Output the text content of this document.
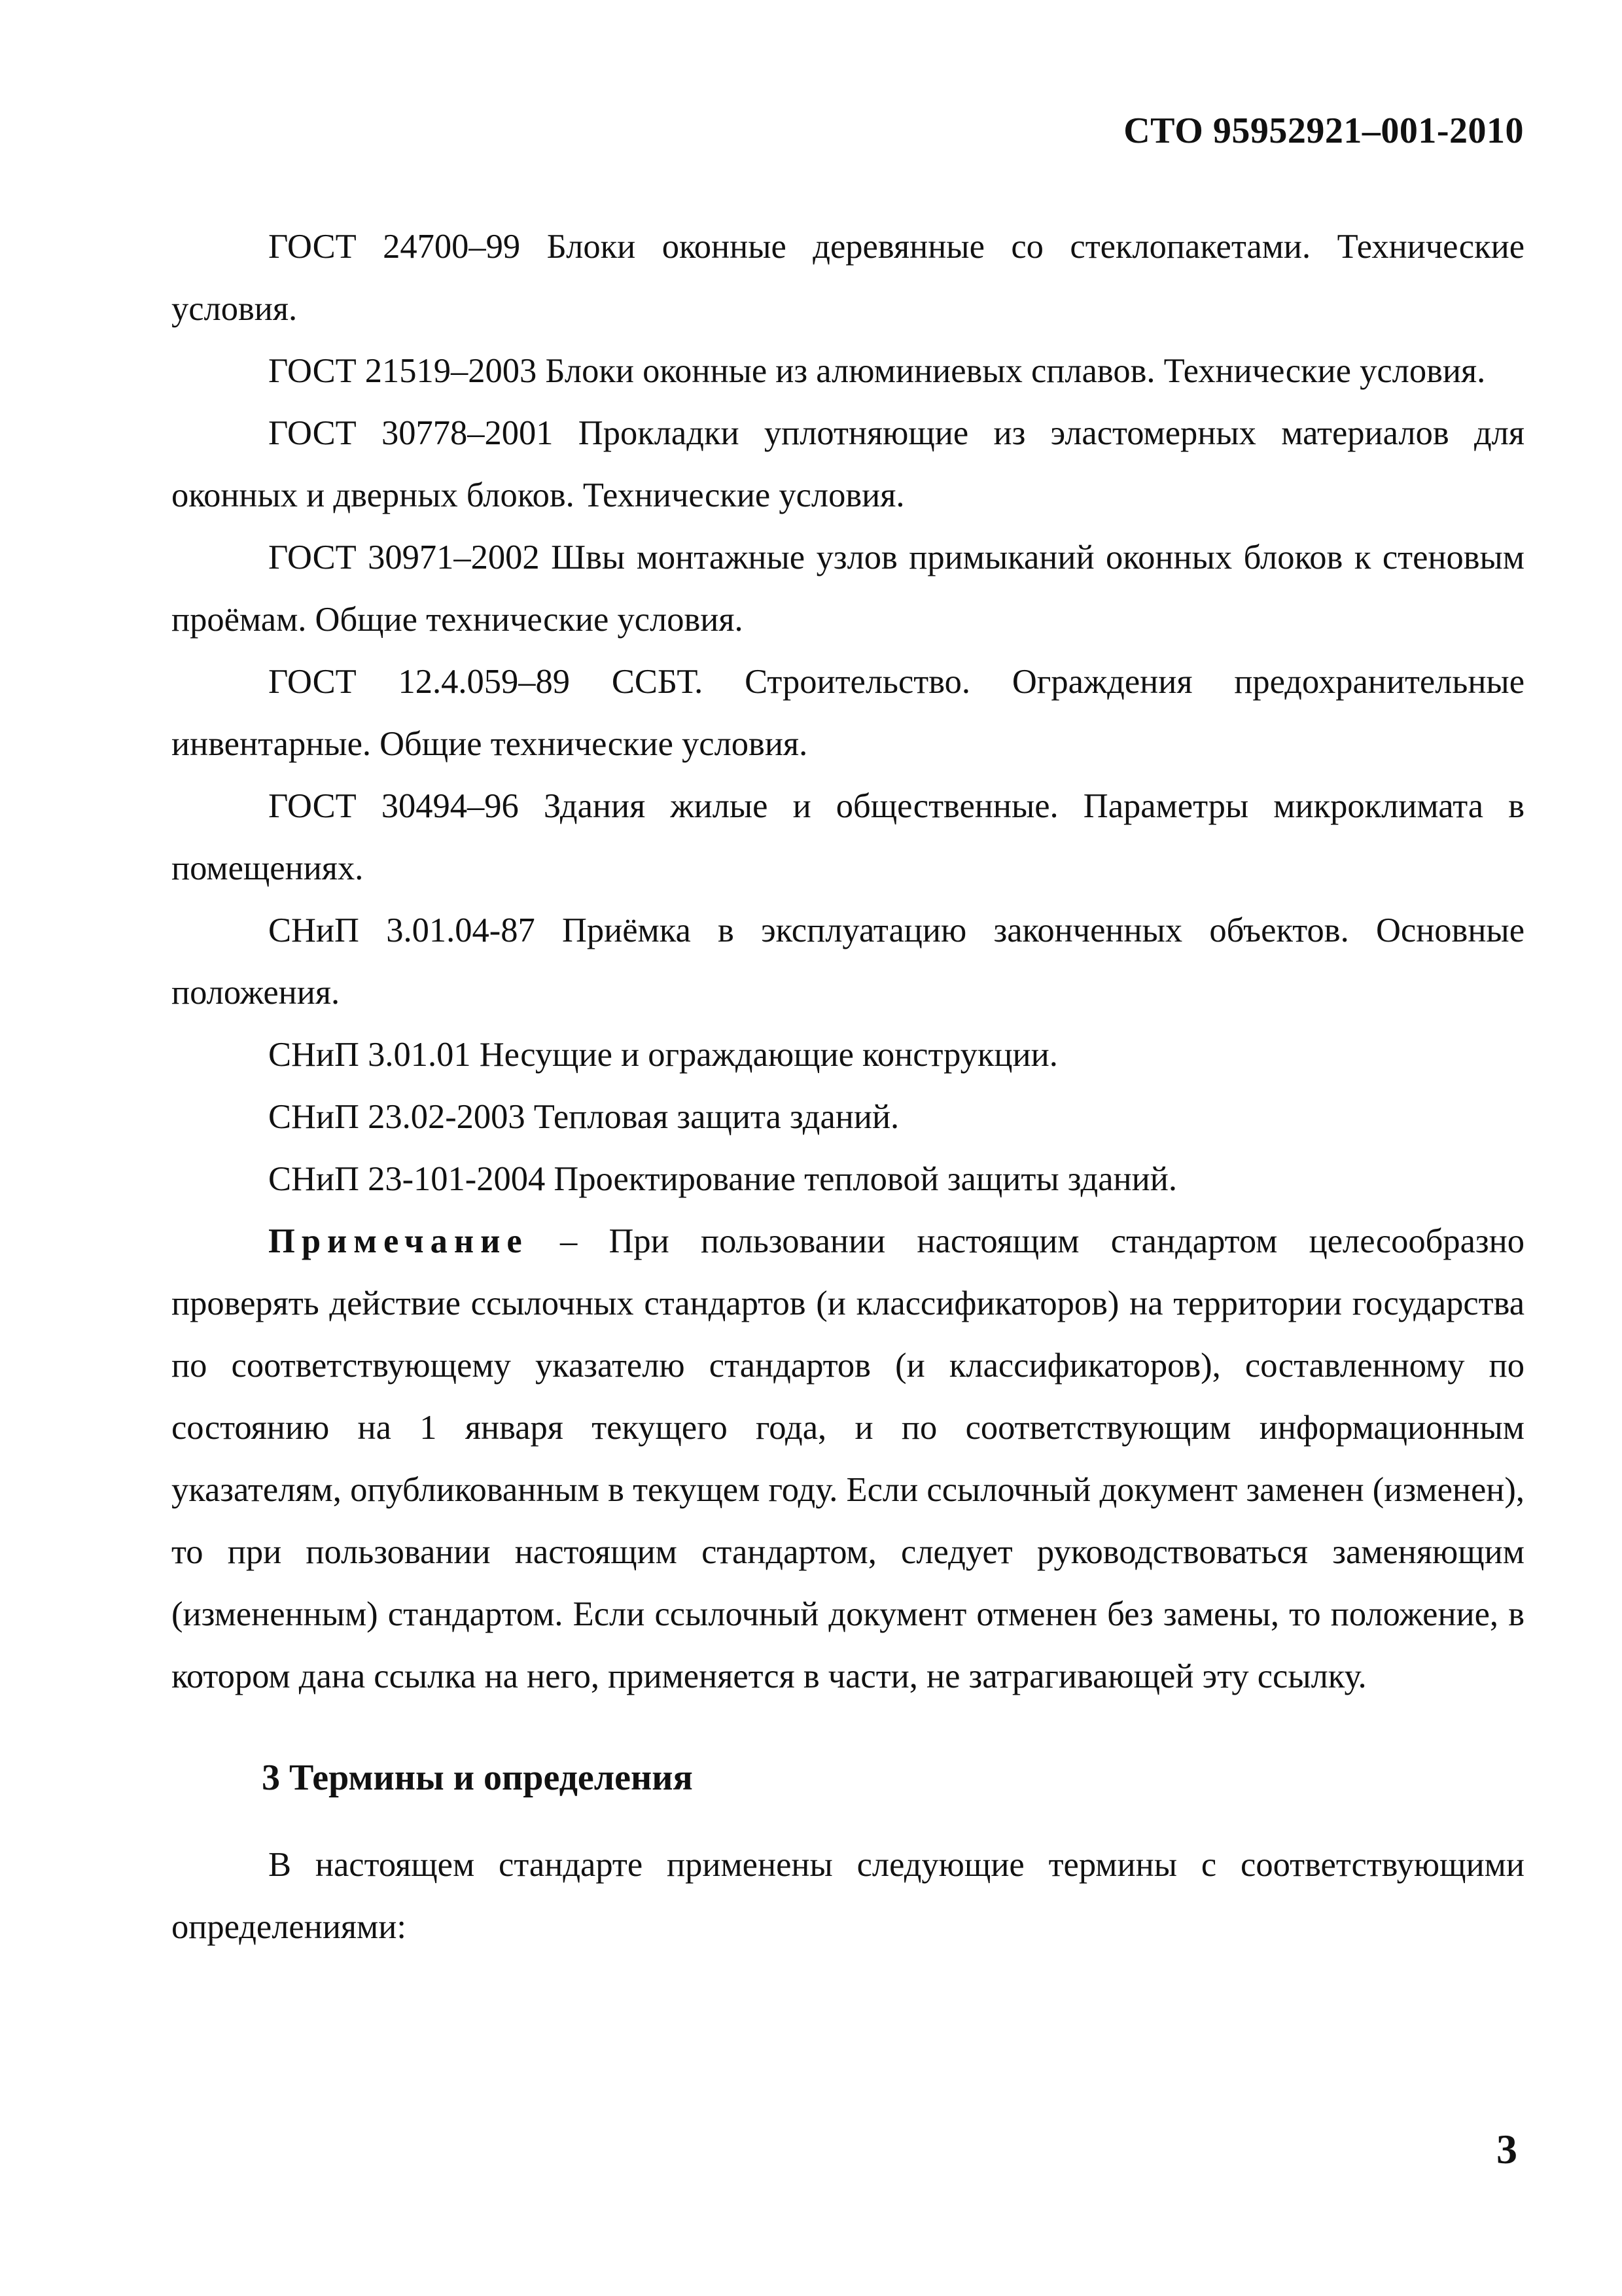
СТО 95952921–001-2010

ГОСТ 24700–99 Блоки оконные деревянные со стеклопакетами. Технические условия.

ГОСТ 21519–2003 Блоки оконные из алюминиевых сплавов. Технические условия.

ГОСТ 30778–2001 Прокладки уплотняющие из эластомерных материалов для оконных и дверных блоков. Технические условия.

ГОСТ 30971–2002 Швы монтажные узлов примыканий оконных блоков к стеновым проёмам. Общие технические условия.

ГОСТ 12.4.059–89 ССБТ. Строительство. Ограждения предохранительные инвентарные. Общие технические условия.

ГОСТ 30494–96 Здания жилые и общественные. Параметры микроклимата в помещениях.

СНиП 3.01.04-87 Приёмка в эксплуатацию законченных объектов. Основные положения.

СНиП 3.01.01 Несущие и ограждающие конструкции.

СНиП 23.02-2003 Тепловая защита зданий.

СНиП 23-101-2004 Проектирование тепловой защиты зданий.

Примечание – При пользовании настоящим стандартом целесообразно проверять действие ссылочных стандартов (и классификаторов) на территории государства по соответствующему указателю стандартов (и классификаторов), составленному по состоянию на 1 января текущего года, и по соответствующим информационным указателям, опубликованным в текущем году. Если ссылочный документ заменен (изменен), то при пользовании настоящим стандартом, следует руководствоваться заменяющим (измененным) стандартом. Если ссылочный документ отменен без замены, то положение, в котором дана ссылка на него, применяется в части, не затрагивающей эту ссылку.

3 Термины и определения

В настоящем стандарте применены следующие термины с соответствующими определениями:

3
